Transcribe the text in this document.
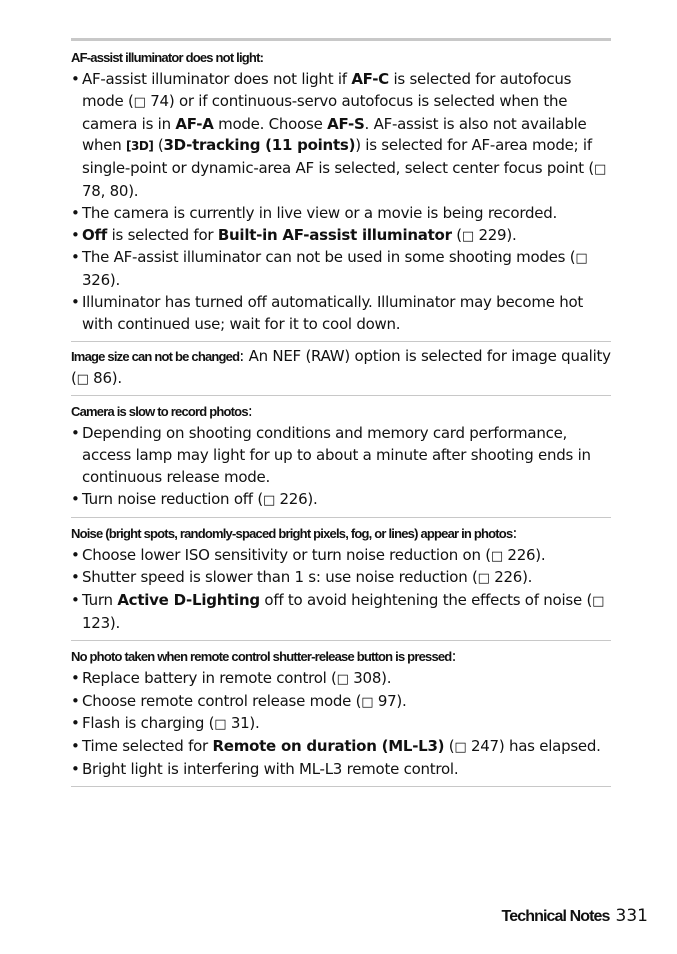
AF-assist illuminator does not light:
• AF-assist illuminator does not light if AF-C is selected for autofocus mode (□ 74) or if continuous-servo autofocus is selected when the camera is in AF-A mode. Choose AF-S. AF-assist is also not available when [3D] (3D-tracking (11 points)) is selected for AF-area mode; if single-point or dynamic-area AF is selected, select center focus point (□ 78, 80).
• The camera is currently in live view or a movie is being recorded.
• Off is selected for Built-in AF-assist illuminator (□ 229).
• The AF-assist illuminator can not be used in some shooting modes (□ 326).
• Illuminator has turned off automatically. Illuminator may become hot with continued use; wait for it to cool down.
Image size can not be changed: An NEF (RAW) option is selected for image quality (□ 86).
Camera is slow to record photos:
• Depending on shooting conditions and memory card performance, access lamp may light for up to about a minute after shooting ends in continuous release mode.
• Turn noise reduction off (□ 226).
Noise (bright spots, randomly-spaced bright pixels, fog, or lines) appear in photos:
• Choose lower ISO sensitivity or turn noise reduction on (□ 226).
• Shutter speed is slower than 1 s: use noise reduction (□ 226).
• Turn Active D-Lighting off to avoid heightening the effects of noise (□ 123).
No photo taken when remote control shutter-release button is pressed:
• Replace battery in remote control (□ 308).
• Choose remote control release mode (□ 97).
• Flash is charging (□ 31).
• Time selected for Remote on duration (ML-L3) (□ 247) has elapsed.
• Bright light is interfering with ML-L3 remote control.
Technical Notes 331
